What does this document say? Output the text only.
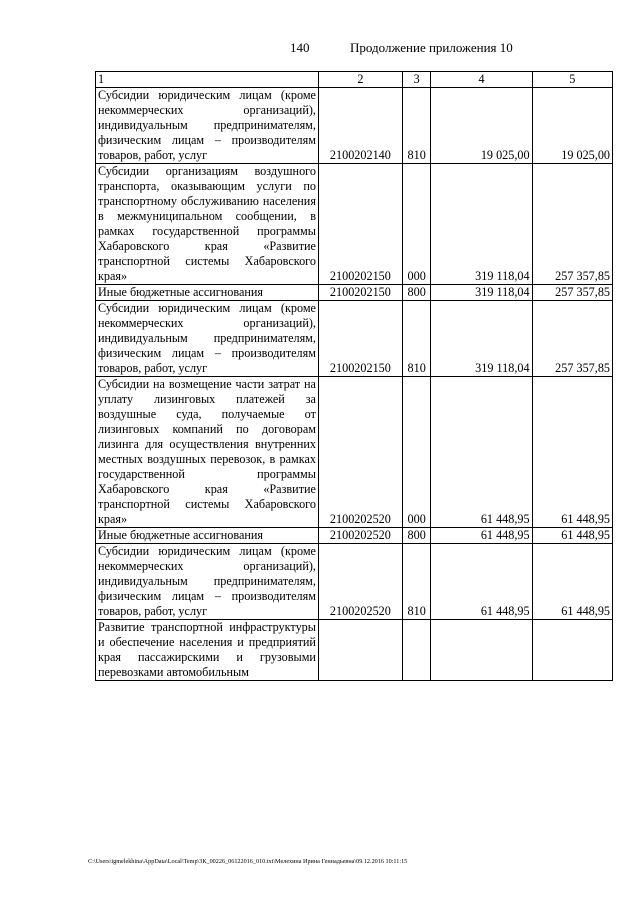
140	Продолжение приложения 10
1	2	3	4	5

Субсидии юридическим лицам (кроме некоммерческих организаций), индивидуальным предпринимателям, физическим лицам – производителям товаров, работ, услуг	2100202140	810	19 025,00	19 025,00

Субсидии организациям воздушного транспорта, оказывающим услуги по транспортному обслуживанию населения в межмуниципальном сообщении, в рамках государственной программы Хабаровского края «Развитие транспортной системы Хабаровского края»	2100202150	000	319 118,04	257 357,85

Иные бюджетные ассигнования	2100202150	800	319 118,04	257 357,85

Субсидии юридическим лицам (кроме некоммерческих организаций), индивидуальным предпринимателям, физическим лицам – производителям товаров, работ, услуг	2100202150	810	319 118,04	257 357,85

Субсидии на возмещение части затрат на уплату лизинговых платежей за воздушные суда, получаемые от лизинговых компаний по договорам лизинга для осуществления внутренних местных воздушных перевозок, в рамках государственной программы Хабаровского края «Развитие транспортной системы Хабаровского края»	2100202520	000	61 448,95	61 448,95

Иные бюджетные ассигнования	2100202520	800	61 448,95	61 448,95

Субсидии юридическим лицам (кроме некоммерческих организаций), индивидуальным предпринимателям, физическим лицам – производителям товаров, работ, услуг	2100202520	810	61 448,95	61 448,95

Развитие транспортной инфраструктуры и обеспечение населения и предприятий края пассажирскими и грузовыми перевозками автомобильным				

C:\Users\igmelekhina\AppData\Local\Temp\ЗК_00226_06122016_010.txt\Мелехина Ирина Геннадьевна\09.12.2016 10:11:15
